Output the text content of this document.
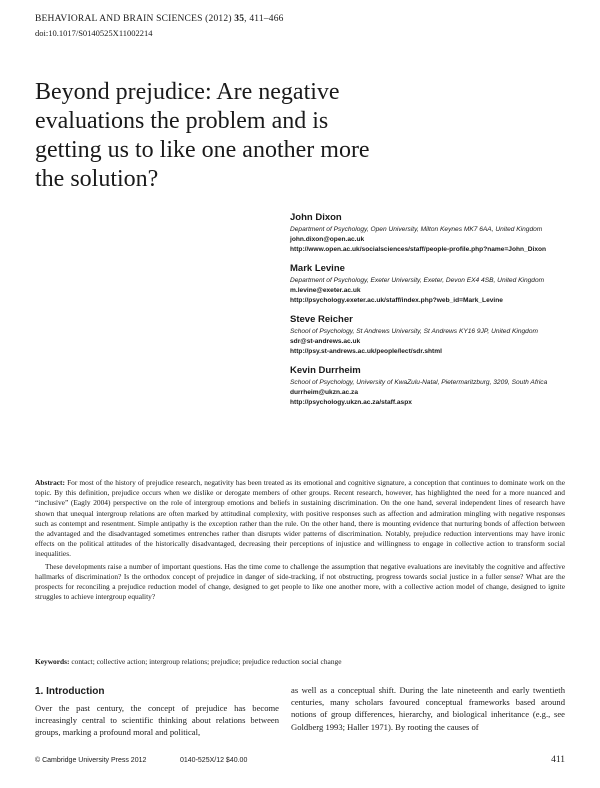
BEHAVIORAL AND BRAIN SCIENCES (2012) 35, 411–466
doi:10.1017/S0140525X11002214
Beyond prejudice: Are negative evaluations the problem and is getting us to like one another more the solution?
John Dixon
Department of Psychology, Open University, Milton Keynes MK7 6AA, United Kingdom
john.dixon@open.ac.uk
http://www.open.ac.uk/socialsciences/staff/people-profile.php?name=John_Dixon
Mark Levine
Department of Psychology, Exeter University, Exeter, Devon EX4 4SB, United Kingdom
m.levine@exeter.ac.uk
http://psychology.exeter.ac.uk/staff/index.php?web_id=Mark_Levine
Steve Reicher
School of Psychology, St Andrews University, St Andrews KY16 9JP, United Kingdom
sdr@st-andrews.ac.uk
http://psy.st-andrews.ac.uk/people/lect/sdr.shtml
Kevin Durrheim
School of Psychology, University of KwaZulu-Natal, Pietermaritzburg, 3209, South Africa
durrheim@ukzn.ac.za
http://psychology.ukzn.ac.za/staff.aspx

Abstract: For most of the history of prejudice research, negativity has been treated as its emotional and cognitive signature, a conception that continues to dominate work on the topic. By this definition, prejudice occurs when we dislike or derogate members of other groups. Recent research, however, has highlighted the need for a more nuanced and “inclusive” (Eagly 2004) perspective on the role of intergroup emotions and beliefs in sustaining discrimination. On the one hand, several independent lines of research have shown that unequal intergroup relations are often marked by attitudinal complexity, with positive responses such as affection and admiration mingling with negative responses such as contempt and resentment. Simple antipathy is the exception rather than the rule. On the other hand, there is mounting evidence that nurturing bonds of affection between the advantaged and the disadvantaged sometimes entrenches rather than disrupts wider patterns of discrimination. Notably, prejudice reduction interventions may have ironic effects on the political attitudes of the historically disadvantaged, decreasing their perceptions of injustice and willingness to engage in collective action to transform social inequalities.

These developments raise a number of important questions. Has the time come to challenge the assumption that negative evaluations are inevitably the cognitive and affective hallmarks of discrimination? Is the orthodox concept of prejudice in danger of side-tracking, if not obstructing, progress towards social justice in a fuller sense? What are the prospects for reconciling a prejudice reduction model of change, designed to get people to like one another more, with a collective action model of change, designed to ignite struggles to achieve intergroup equality?

Keywords: contact; collective action; intergroup relations; prejudice; prejudice reduction social change
1. Introduction

Over the past century, the concept of prejudice has become increasingly central to scientific thinking about relations between groups, marking a profound moral and political,

as well as a conceptual shift. During the late nineteenth and early twentieth centuries, many scholars favoured conceptual frameworks based around notions of group differences, hierarchy, and biological inheritance (e.g., see Goldberg 1993; Haller 1971). By rooting the causes of

© Cambridge University Press 2012	0140-525X/12 $40.00	411
